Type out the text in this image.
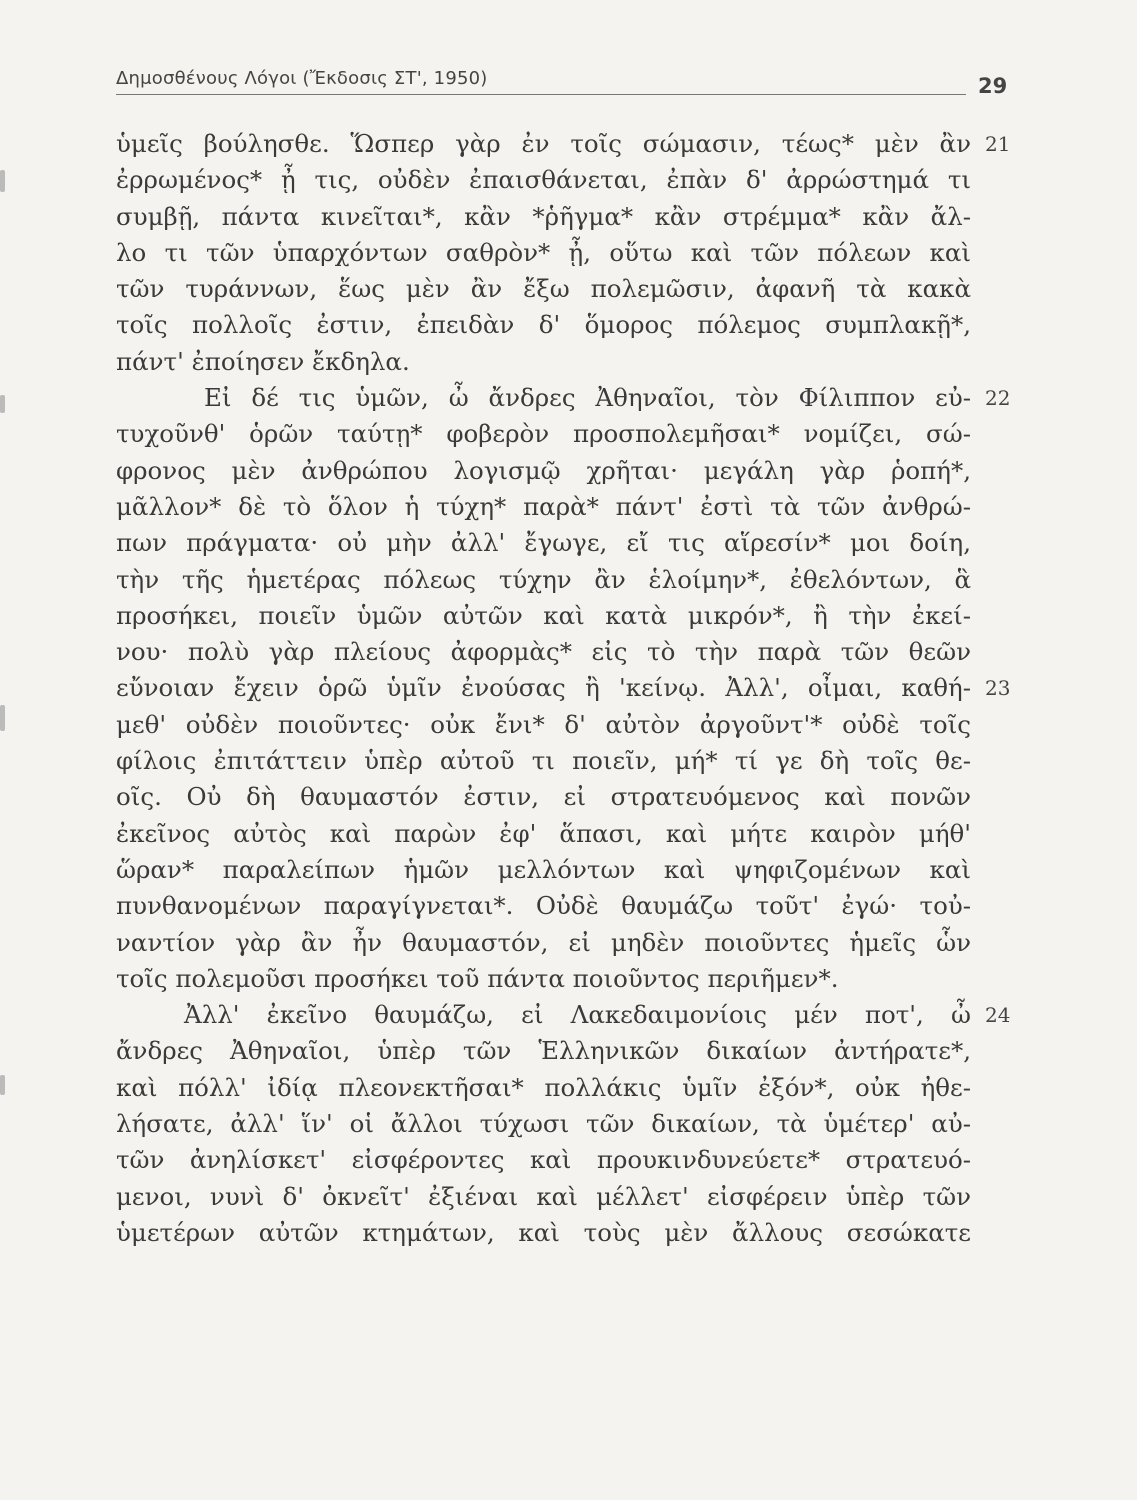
Δημοσθένους Λόγοι (Ἔκδοσις ΣΤ', 1950)	29
ὑμεῖς βούλησθε. Ὥσπερ γὰρ ἐν τοῖς σώμασιν, τέως* μὲν ἂν 21
ἐρρωμένος* ᾖ τις, οὐδὲν ἐπαισθάνεται, ἐπὰν δ' ἀρρώστημά τι
συμβῇ, πάντα κινεῖται*, κἂν *ῥῆγμα* κἂν στρέμμα* κἂν ἄλ-
λο τι τῶν ὑπαρχόντων σαθρὸν* ᾖ, οὕτω καὶ τῶν πόλεων καὶ
τῶν τυράννων, ἕως μὲν ἂν ἔξω πολεμῶσιν, ἀφανῆ τὰ κακὰ
τοῖς πολλοῖς ἐστιν, ἐπειδὰν δ' ὅμορος πόλεμος συμπλακῇ*,
πάντ' ἐποίησεν ἔκδηλα.
Εἰ δέ τις ὑμῶν, ὦ ἄνδρες Ἀθηναῖοι, τὸν Φίλιππον εὐ- 22
τυχοῦνθ' ὁρῶν ταύτῃ* φοβερὸν προσπολεμῆσαι* νομίζει, σώ-
φρονος μὲν ἀνθρώπου λογισμῷ χρῆται· μεγάλη γὰρ ῥοπή*,
μᾶλλον* δὲ τὸ ὅλον ἡ τύχη* παρὰ* πάντ' ἐστὶ τὰ τῶν ἀνθρώ-
πων πράγματα· οὐ μὴν ἀλλ' ἔγωγε, εἴ τις αἵρεσίν* μοι δοίη,
τὴν τῆς ἡμετέρας πόλεως τύχην ἂν ἑλοίμην*, ἐθελόντων, ἃ
προσήκει, ποιεῖν ὑμῶν αὐτῶν καὶ κατὰ μικρόν*, ἢ τὴν ἐκεί-
νου· πολὺ γὰρ πλείους ἀφορμὰς* εἰς τὸ τὴν παρὰ τῶν θεῶν
εὔνοιαν ἔχειν ὁρῶ ὑμῖν ἐνούσας ἢ 'κείνῳ. Ἀλλ', οἶμαι, καθή- 23
μεθ' οὐδὲν ποιοῦντες· οὐκ ἔνι* δ' αὐτὸν ἀργοῦντ'* οὐδὲ τοῖς
φίλοις ἐπιτάττειν ὑπὲρ αὐτοῦ τι ποιεῖν, μή* τί γε δὴ τοῖς θε-
οῖς. Οὐ δὴ θαυμαστόν ἐστιν, εἰ στρατευόμενος καὶ πονῶν
ἐκεῖνος αὐτὸς καὶ παρὼν ἐφ' ἅπασι, καὶ μήτε καιρὸν μήθ'
ὥραν* παραλείπων ἡμῶν μελλόντων καὶ ψηφιζομένων καὶ
πυνθανομένων παραγίγνεται*. Οὐδὲ θαυμάζω τοῦτ' ἐγώ· τοὐ-
ναντίον γὰρ ἂν ἦν θαυμαστόν, εἰ μηδὲν ποιοῦντες ἡμεῖς ὧν
τοῖς πολεμοῦσι προσήκει τοῦ πάντα ποιοῦντος περιῆμεν*.
Ἀλλ' ἐκεῖνο θαυμάζω, εἰ Λακεδαιμονίοις μέν ποτ', ὦ 24
ἄνδρες Ἀθηναῖοι, ὑπὲρ τῶν Ἑλληνικῶν δικαίων ἀντήρατε*,
καὶ πόλλ' ἰδίᾳ πλεονεκτῆσαι* πολλάκις ὑμῖν ἐξόν*, οὐκ ἠθε-
λήσατε, ἀλλ' ἵν' οἱ ἄλλοι τύχωσι τῶν δικαίων, τὰ ὑμέτερ' αὐ-
τῶν ἀνηλίσκετ' εἰσφέροντες καὶ προυκινδυνεύετε* στρατευό-
μενοι, νυνὶ δ' ὀκνεῖτ' ἐξιέναι καὶ μέλλετ' εἰσφέρειν ὑπὲρ τῶν
ὑμετέρων αὐτῶν κτημάτων, καὶ τοὺς μὲν ἄλλους σεσώκατε
